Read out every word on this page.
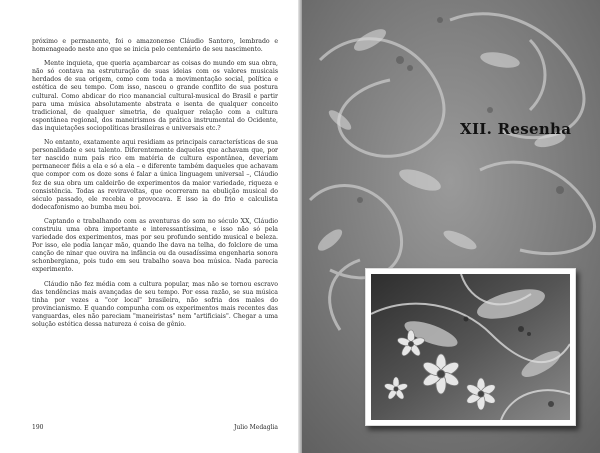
próximo e permanente, foi o amazonense Cláudio Santoro, lembrado e homenageado neste ano que se inicia pelo centenário de seu nascimento.

Mente inquieta, que queria açambarcar as coisas do mundo em sua obra, não só contava na estruturação de suas ideias com os valores musicais herdados de sua origem, como com toda a movimentação social, política e estética de seu tempo. Com isso, nasceu o grande conflito de sua postura cultural. Como abdicar do rico manancial cultural-musical do Brasil e partir para uma música absolutamente abstrata e isenta de qualquer conceito tradicional, de qualquer simetria, de qualquer relação com a cultura espontânea regional, dos maneirismos da prática instrumental do Ocidente, das inquietações sociopolíticas brasileiras e universais etc.?

No entanto, exatamente aqui residiam as principais características de sua personalidade e seu talento. Diferentemente daqueles que achavam que, por ter nascido num país rico em matéria de cultura espontânea, deveriam permanecer fiéis a ela e só a ela – e diferente também daqueles que achavam que compor com os doze sons é falar a única linguagem universal –, Cláudio fez de sua obra um caldeirão de experimentos da maior variedade, riqueza e consistência. Todas as reviravoltas, que ocorreram na ebulição musical do século passado, ele recebia e provocava. E isso ia do frio e calculista dodecafonismo ao bumba meu boi.

Captando e trabalhando com as aventuras do som no século XX, Cláudio construiu uma obra importante e interessantíssima, e isso não só pela variedade dos experimentos, mas por seu profundo sentido musical e beleza. Por isso, ele podia lançar mão, quando lhe dava na telha, do folclore de uma canção de ninar que ouvira na infância ou da ousadíssima engenharia sonora schonbergiana, pois tudo em seu trabalho soava boa música. Nada parecia experimento.

Cláudio não fez média com a cultura popular, mas não se tornou escravo das tendências mais avançadas de seu tempo. Por essa razão, se sua música tinha por vezes a "cor local" brasileira, não sofria dos males do provincianismo. E quando compunha com os experimentos mais recentes das vanguardas, eles não pareciam "maneiristas" nem "artificiais". Chegar a uma solução estética dessa natureza é coisa de gênio.

190	Julio Medaglia
XII. Resenha
